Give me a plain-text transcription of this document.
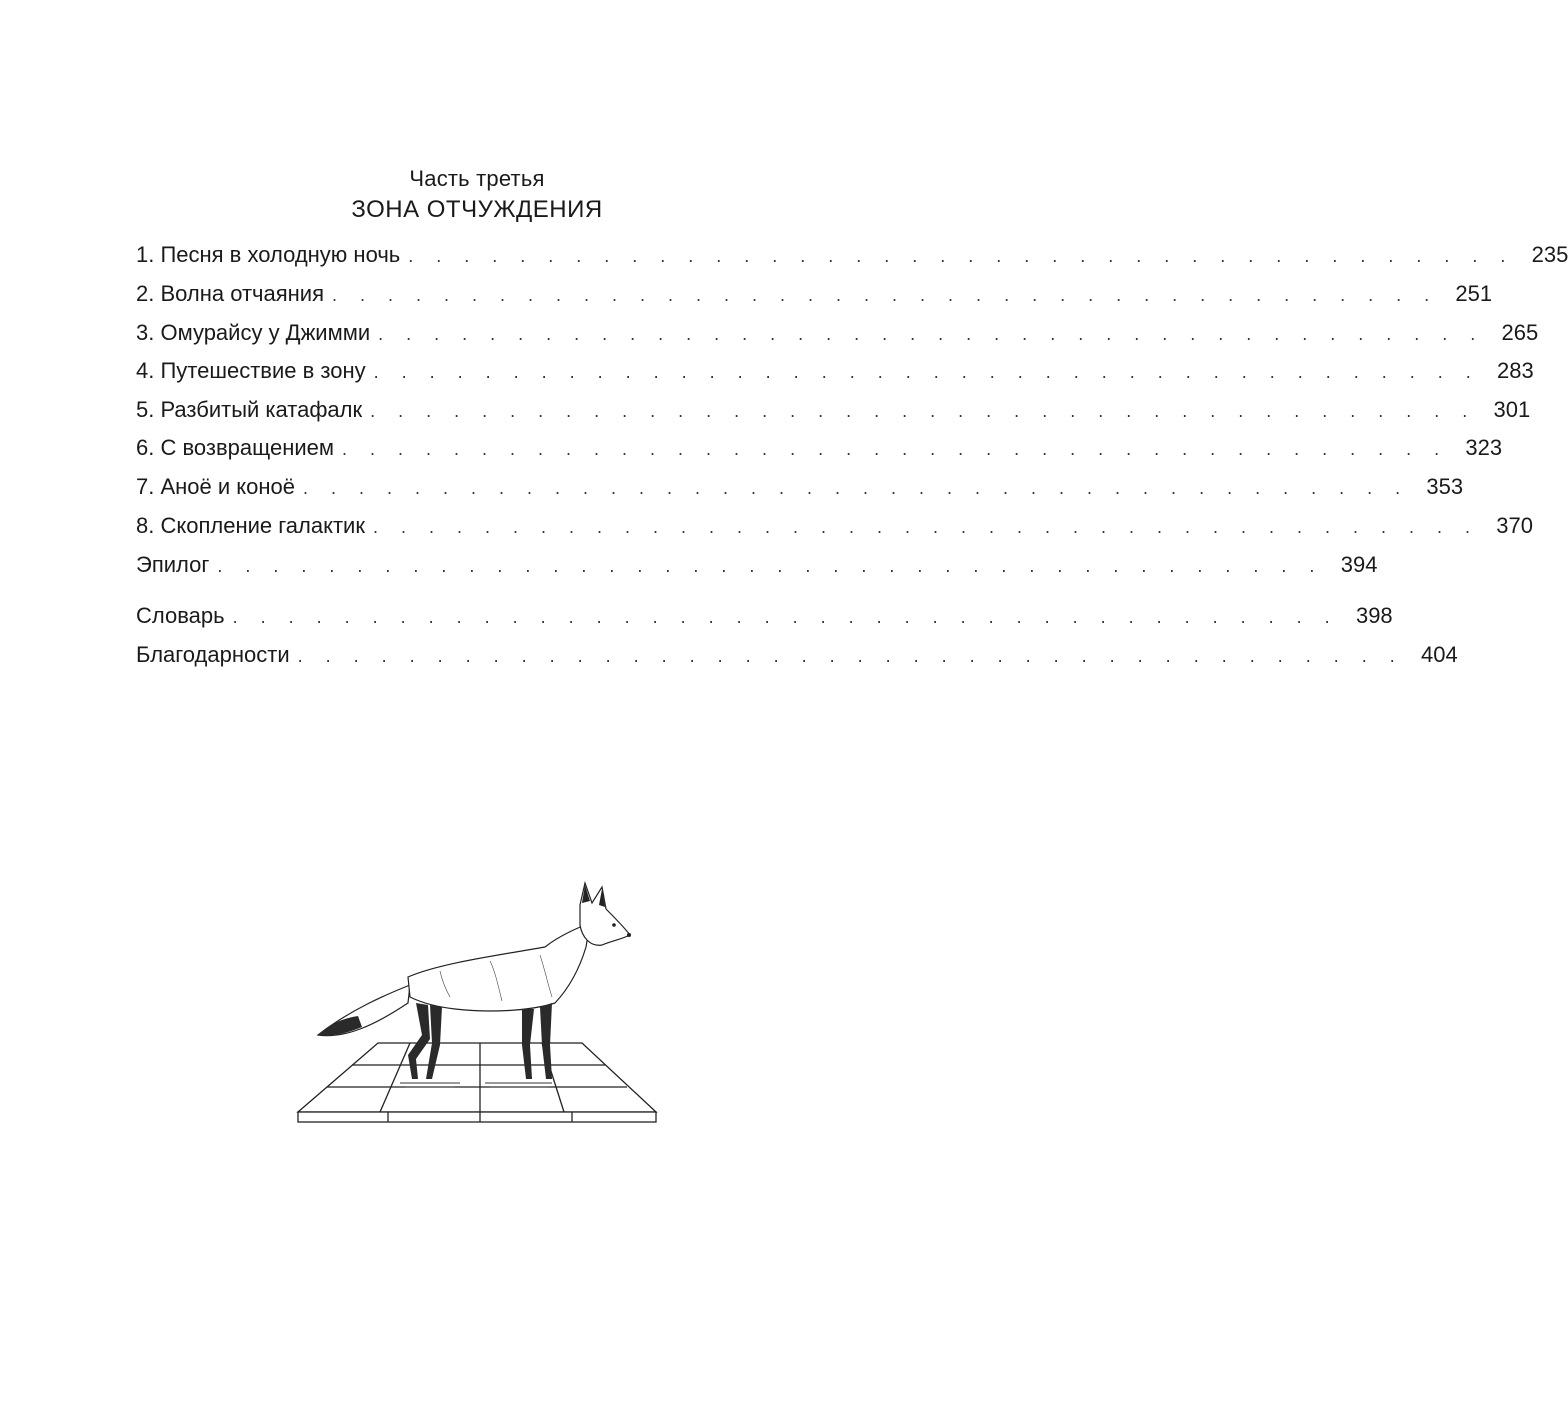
Часть третья
ЗОНА ОТЧУЖДЕНИЯ
1. Песня в холодную ночь . . . . . . . . . . . . . . . . . . . . . . . . . . . . . . . . . . . . . . . . 235
2. Волна отчаяния . . . . . . . . . . . . . . . . . . . . . . . . . . . . . . . . . . . . . . . . 251
3. Омурайсу у Джимми . . . . . . . . . . . . . . . . . . . . . . . . . . . . . . . . . . . . . . . . 265
4. Путешествие в зону . . . . . . . . . . . . . . . . . . . . . . . . . . . . . . . . . . . . . . . . 283
5. Разбитый катафалк . . . . . . . . . . . . . . . . . . . . . . . . . . . . . . . . . . . . . . . . 301
6. С возвращением . . . . . . . . . . . . . . . . . . . . . . . . . . . . . . . . . . . . . . . . 323
7. Аноё и коноё . . . . . . . . . . . . . . . . . . . . . . . . . . . . . . . . . . . . . . . . 353
8. Скопление галактик . . . . . . . . . . . . . . . . . . . . . . . . . . . . . . . . . . . . . . . . 370
Эпилог . . . . . . . . . . . . . . . . . . . . . . . . . . . . . . . . . . . . . . . . 394
Словарь . . . . . . . . . . . . . . . . . . . . . . . . . . . . . . . . . . . . . . . . 398
Благодарности . . . . . . . . . . . . . . . . . . . . . . . . . . . . . . . . . . . . . . . . 404
